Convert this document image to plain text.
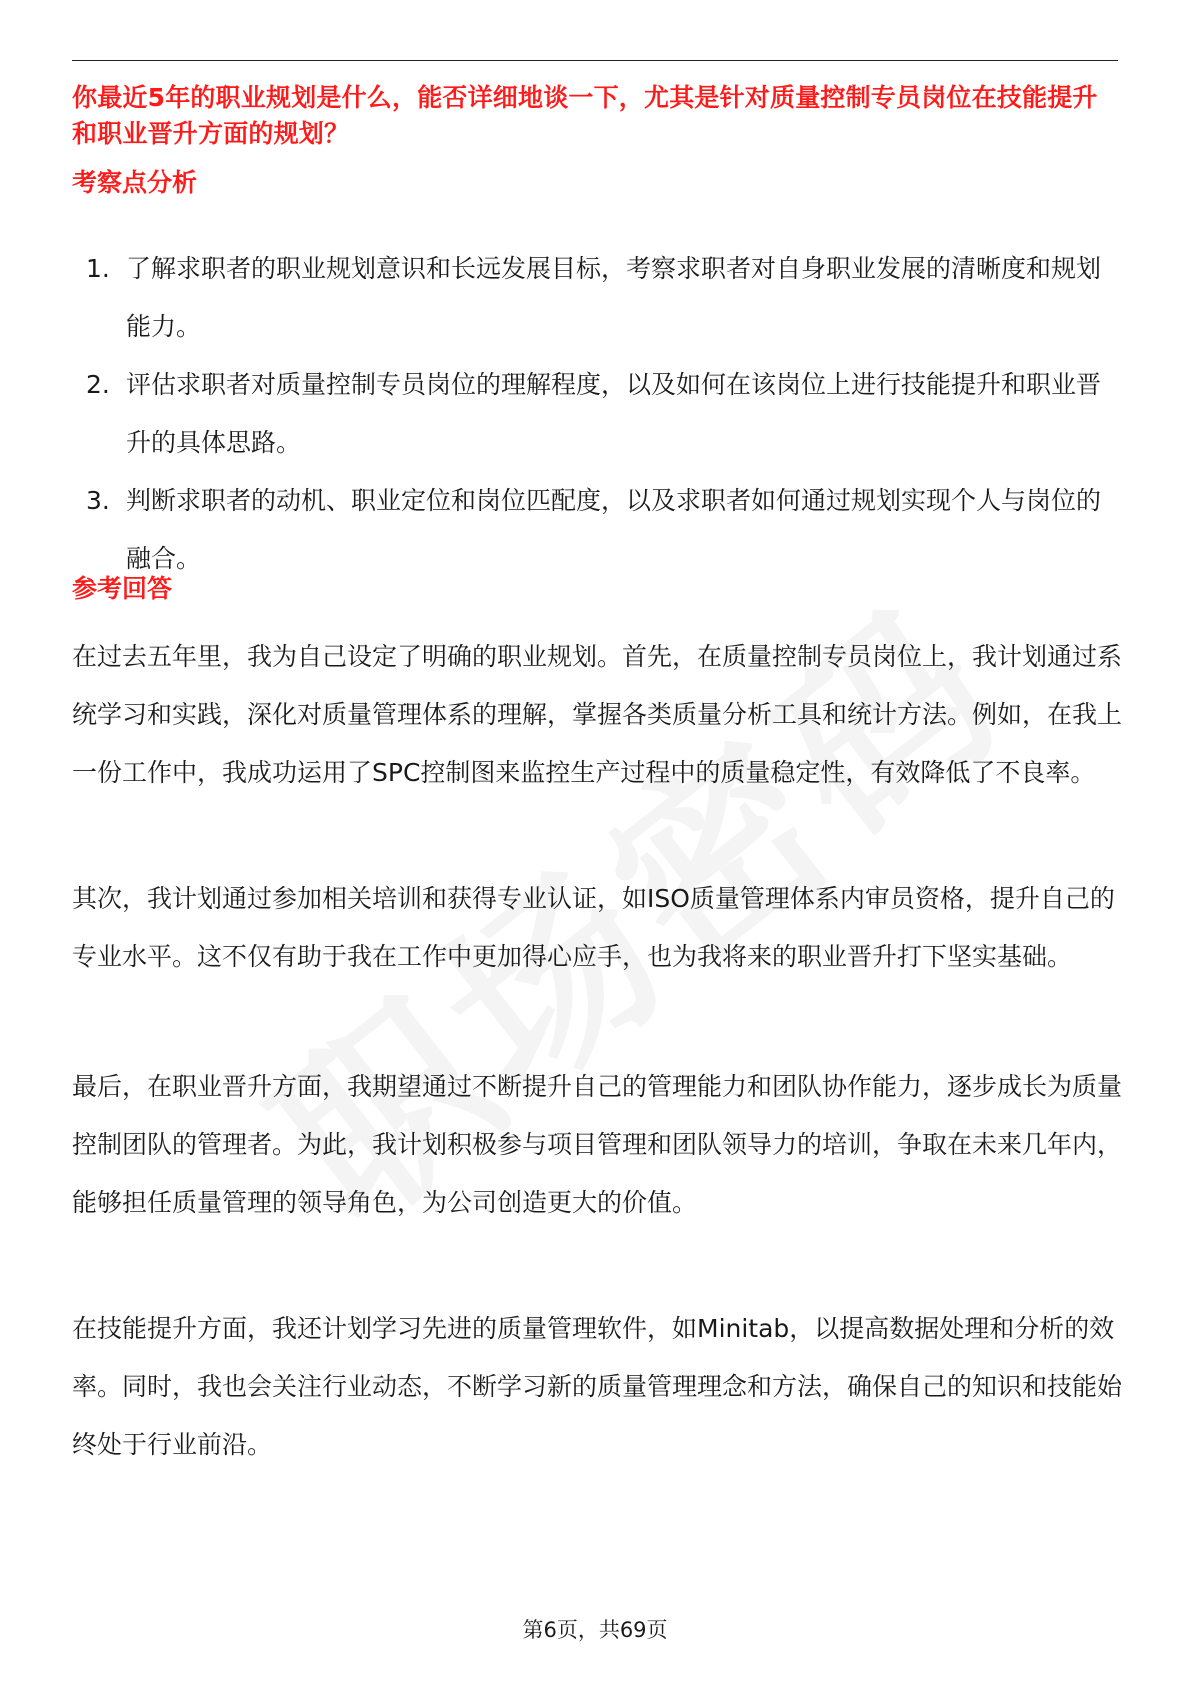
你最近5年的职业规划是什么，能否详细地谈一下，尤其是针对质量控制专员岗位在技能提升和职业晋升方面的规划？
考察点分析
1. 了解求职者的职业规划意识和长远发展目标，考察求职者对自身职业发展的清晰度和规划能力。
2. 评估求职者对质量控制专员岗位的理解程度，以及如何在该岗位上进行技能提升和职业晋升的具体思路。
3. 判断求职者的动机、职业定位和岗位匹配度，以及求职者如何通过规划实现个人与岗位的融合。
参考回答

在过去五年里，我为自己设定了明确的职业规划。首先，在质量控制专员岗位上，我计划通过系统学习和实践，深化对质量管理体系的理解，掌握各类质量分析工具和统计方法。例如，在我上一份工作中，我成功运用了SPC控制图来监控生产过程中的质量稳定性，有效降低了不良率。

其次，我计划通过参加相关培训和获得专业认证，如ISO质量管理体系内审员资格，提升自己的专业水平。这不仅有助于我在工作中更加得心应手，也为我将来的职业晋升打下坚实基础。

最后，在职业晋升方面，我期望通过不断提升自己的管理能力和团队协作能力，逐步成长为质量控制团队的管理者。为此，我计划积极参与项目管理和团队领导力的培训，争取在未来几年内，能够担任质量管理的领导角色，为公司创造更大的价值。

在技能提升方面，我还计划学习先进的质量管理软件，如Minitab，以提高数据处理和分析的效率。同时，我也会关注行业动态，不断学习新的质量管理理念和方法，确保自己的知识和技能始终处于行业前沿。

第6页，共69页
